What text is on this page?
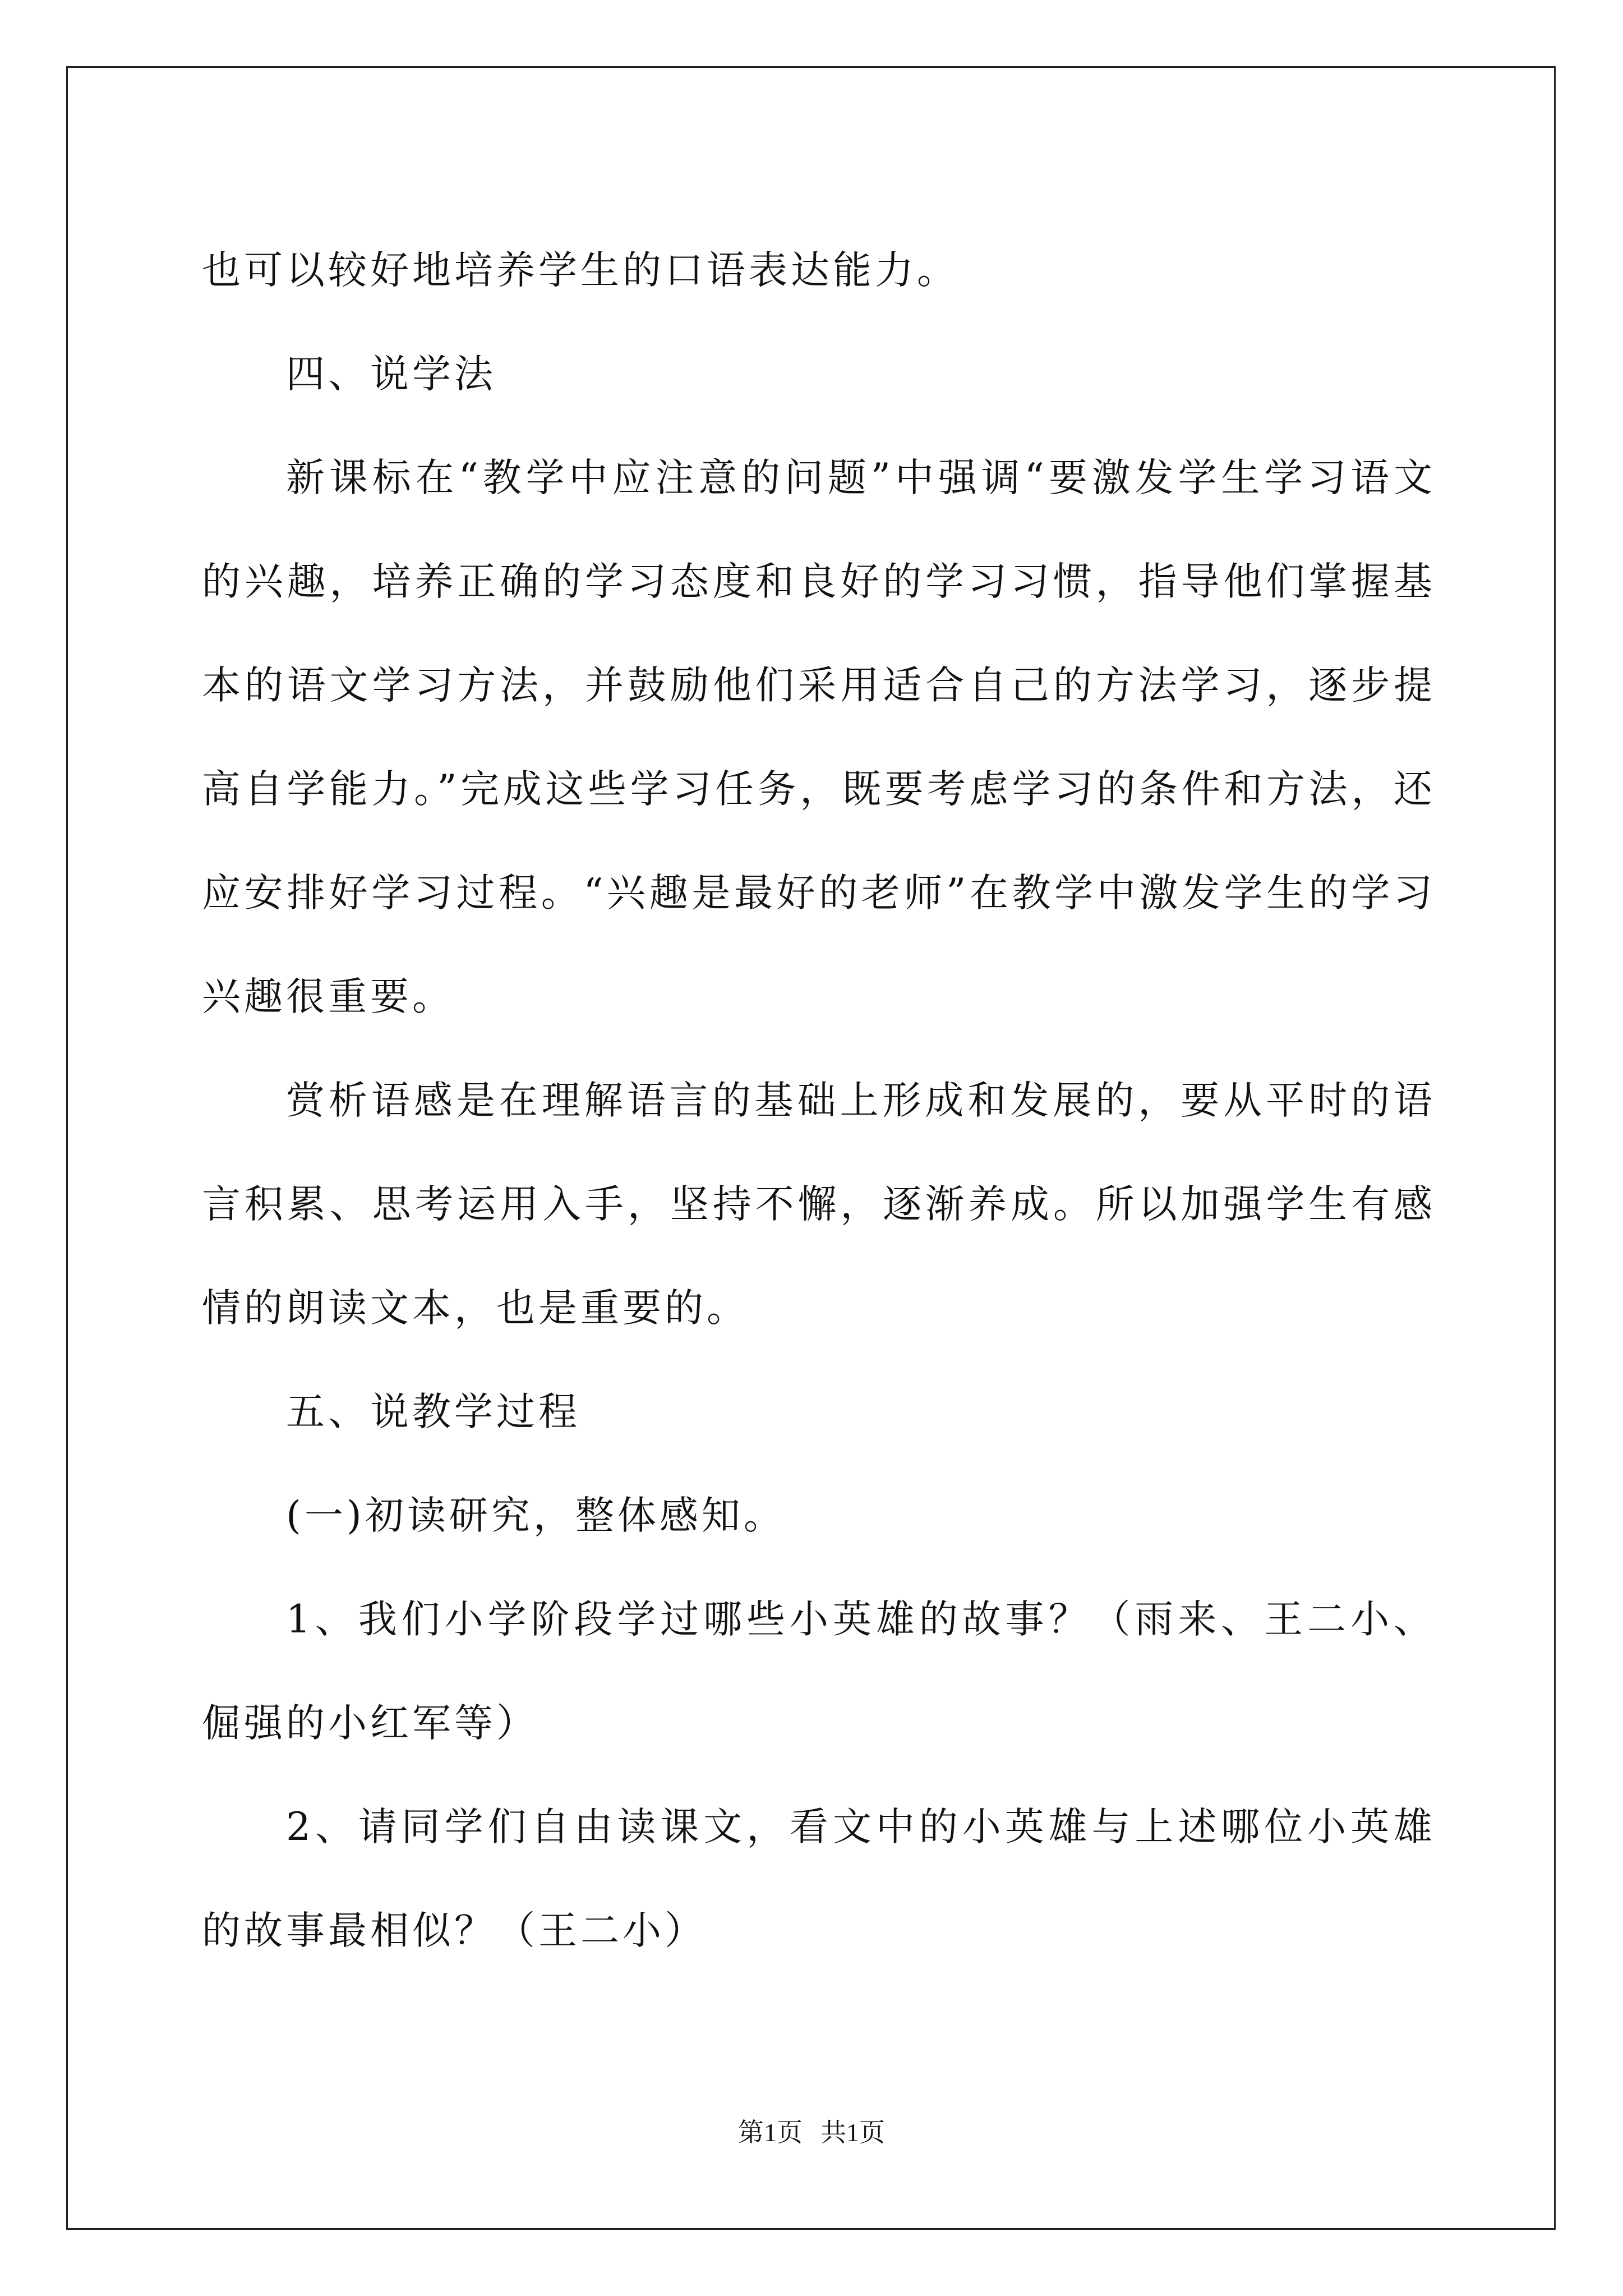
也可以较好地培养学生的口语表达能力。

四、说学法

新课标在“教学中应注意的问题”中强调“要激发学生学习语文的兴趣，培养正确的学习态度和良好的学习习惯，指导他们掌握基本的语文学习方法，并鼓励他们采用适合自己的方法学习，逐步提高自学能力。”完成这些学习任务，既要考虑学习的条件和方法，还应安排好学习过程。“兴趣是最好的老师”在教学中激发学生的学习兴趣很重要。

赏析语感是在理解语言的基础上形成和发展的，要从平时的语言积累、思考运用入手，坚持不懈，逐渐养成。所以加强学生有感情的朗读文本，也是重要的。

五、说教学过程

(一)初读研究，整体感知。

1、我们小学阶段学过哪些小英雄的故事？（雨来、王二小、倔强的小红军等）

2、请同学们自由读课文，看文中的小英雄与上述哪位小英雄的故事最相似？（王二小）

第1页 共1页
